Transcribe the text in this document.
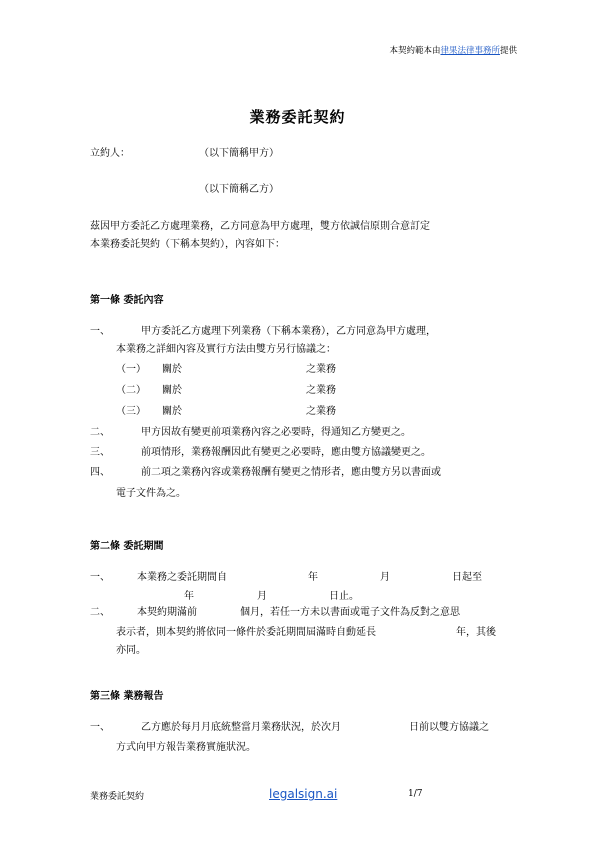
本契約範本由律果法律事務所提供
業務委託契約
立約人：	（以下簡稱甲方）
（以下簡稱乙方）
茲因甲方委託乙方處理業務，乙方同意為甲方處理，雙方依誠信原則合意訂定
本業務委託契約（下稱本契約），內容如下：
第一條 委託內容
一、	甲方委託乙方處理下列業務（下稱本業務），乙方同意為甲方處理，
本業務之詳細內容及實行方法由雙方另行協議之：
（一） 關於	之業務
（二） 關於	之業務
（三） 關於	之業務
二、	甲方因故有變更前項業務內容之必要時，得通知乙方變更之。
三、	前項情形，業務報酬因此有變更之必要時，應由雙方協議變更之。
四、	前二項之業務內容或業務報酬有變更之情形者，應由雙方另以書面或
電子文件為之。
第二條 委託期間
一、	本業務之委託期間自	年	月	日起至
年	月	日止。
二、	本契約期滿前	個月，若任一方未以書面或電子文件為反對之意思
表示者，則本契約將依同一條件於委託期間屆滿時自動延長	年，其後
亦同。
第三條 業務報告
一、	乙方應於每月月底統整當月業務狀況，於次月	日前以雙方協議之
方式向甲方報告業務實施狀況。
業務委託契約	legalsign.ai	1/7
